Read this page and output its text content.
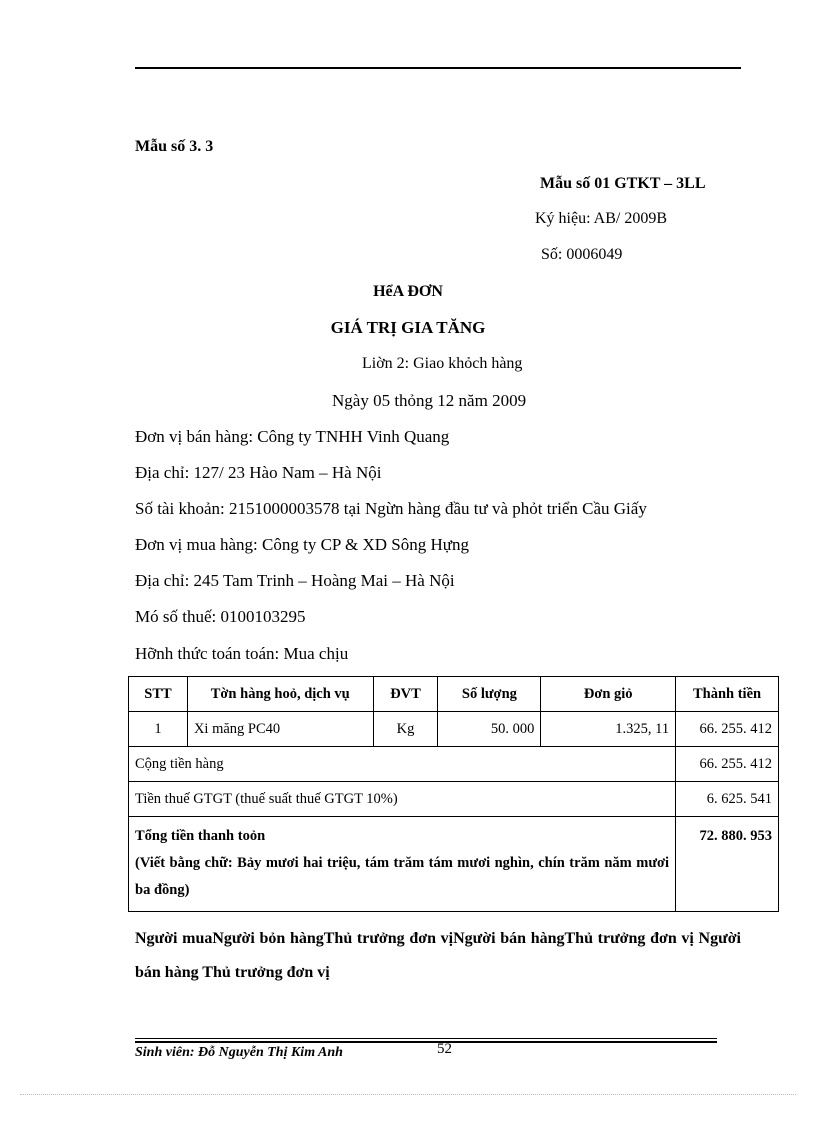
Mẫu số 3. 3
Mẫu số 01 GTKT – 3LL
Ký hiệu: AB/ 2009B
Số: 0006049
HểA ĐƠN
GIÁ TRỊ GIA TĂNG
Liờn 2: Giao khỏch hàng
Ngày 05 thỏng 12 năm 2009
Đơn vị bán hàng: Công ty TNHH Vinh Quang
Địa chỉ: 127/ 23 Hào Nam – Hà Nội
Số tài khoản: 2151000003578 tại Ngừn hàng đầu tư và phỏt triển Cầu Giấy
Đơn vị mua hàng: Công ty CP & XD Sông Hựng
Địa chỉ: 245 Tam Trinh – Hoàng Mai – Hà Nội
Mó số thuế: 0100103295
Hỡnh thức toán toán: Mua chịu
STT	Tờn hàng hoỏ, dịch vụ	ĐVT	Số lượng	Đơn giỏ	Thành tiền
1	Xi măng PC40	Kg	50. 000	1.325, 11	66. 255. 412
Cộng tiền hàng					66. 255. 412
Tiền thuế GTGT (thuế suất thuế GTGT 10%)					6. 625. 541

Tổng tiền thanh toỏn
(Viết bằng chữ: Bảy mươi hai triệu, tám trăm tám mươi nghìn, chín trăm năm mươi ba đồng)					72. 880. 953
Người muaNgười bỏn hàngThủ trưởng đơn vịNgười bán hàngThủ trưởng đơn vị Người bán hàng Thủ trưởng đơn vị
Sinh viên: Đỗ Nguyễn Thị Kim Anh	52
